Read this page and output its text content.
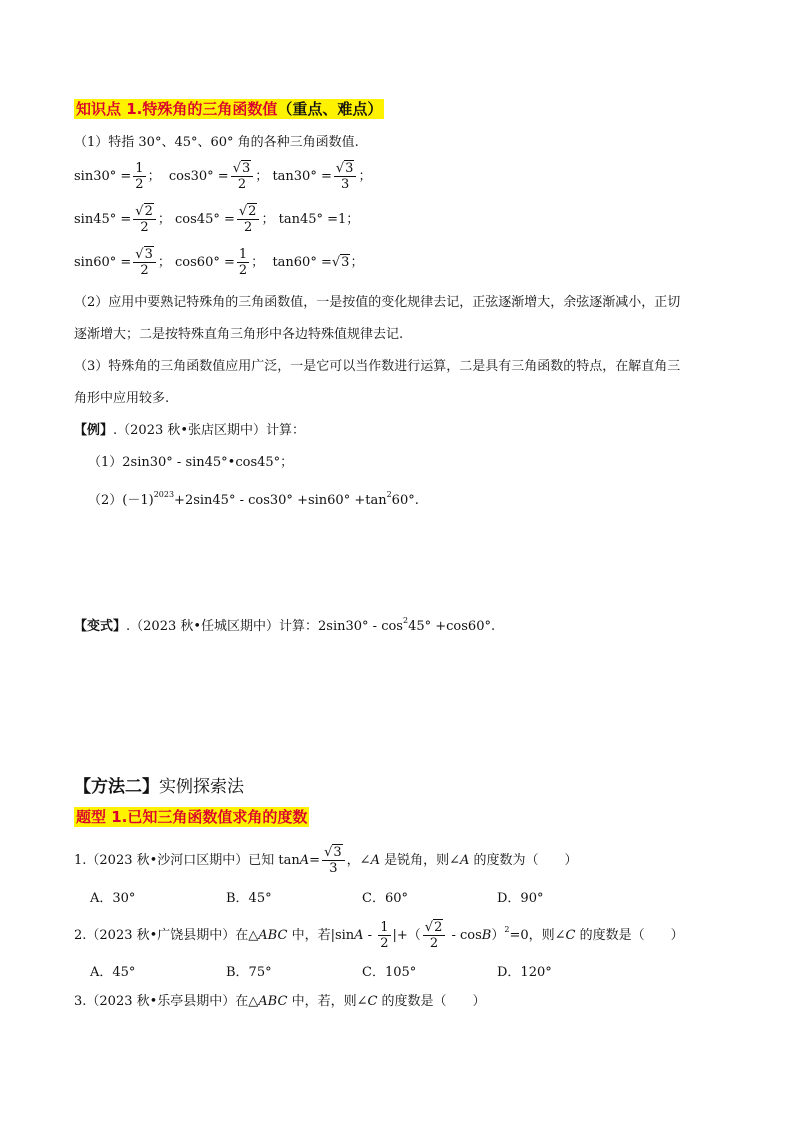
知识点 1.特殊角的三角函数值（重点、难点）
（1）特指 30°、45°、60° 角的各种三角函数值.
$\sin 30^\circ = \frac{1}{2}$ ； $\cos 30^\circ = \frac{√3}{2}$ ； $\tan 30^\circ = \frac{√3}{3}$ ；
$\sin 45^\circ = \frac{√2}{2}$ ； $\cos 45^\circ = \frac{√2}{2}$ ； tan45° =1；
$\sin 60^\circ = \frac{√3}{2}$ ； $\cos 60^\circ = \frac{1}{2}$ ； tan60° =√3；
（2）应用中要熟记特殊角的三角函数值，一是按值的变化规律去记，正弦逐渐增大，余弦逐渐减小，正切
逐渐增大；二是按特殊直角三角形中各边特殊值规律去记.
（3）特殊角的三角函数值应用广泛，一是它可以当作数进行运算，二是具有三角函数的特点，在解直角三
角形中应用较多.
【例】.（2023 秋•张店区期中）计算：
（1）2sin30° - sin45°•cos45°；
$(2)(-1)^{2023}+2\sin 45^\circ - \cos 30^\circ +\sin 60^\circ +\tan^260^\circ$.
【变式】.（2023 秋•任城区期中）计算：$2\sin 30^\circ - \cos^245^\circ +\cos 60^\circ$.
【方法二】实例探索法
题型 1.已知三角函数值求角的度数
1.（2023 秋•沙河口区期中）已知 $\tan A= \frac{√3}{3}$ ，∠A 是锐角，则∠A 的度数为（　　）
A．30°	B．45°	C．60°	D．90°
2.（2023 秋•广饶县期中）在△ABC 中，若$|\sin A - \frac{1}{2}$ |+（ $\frac{√2}{2} - \cos B)^2=0$，则∠C 的度数是（　　）
A．45°	B．75°	C．105°	D．120°
3.（2023 秋•乐亭县期中）在△ABC 中，若，则∠C 的度数是（　　）
